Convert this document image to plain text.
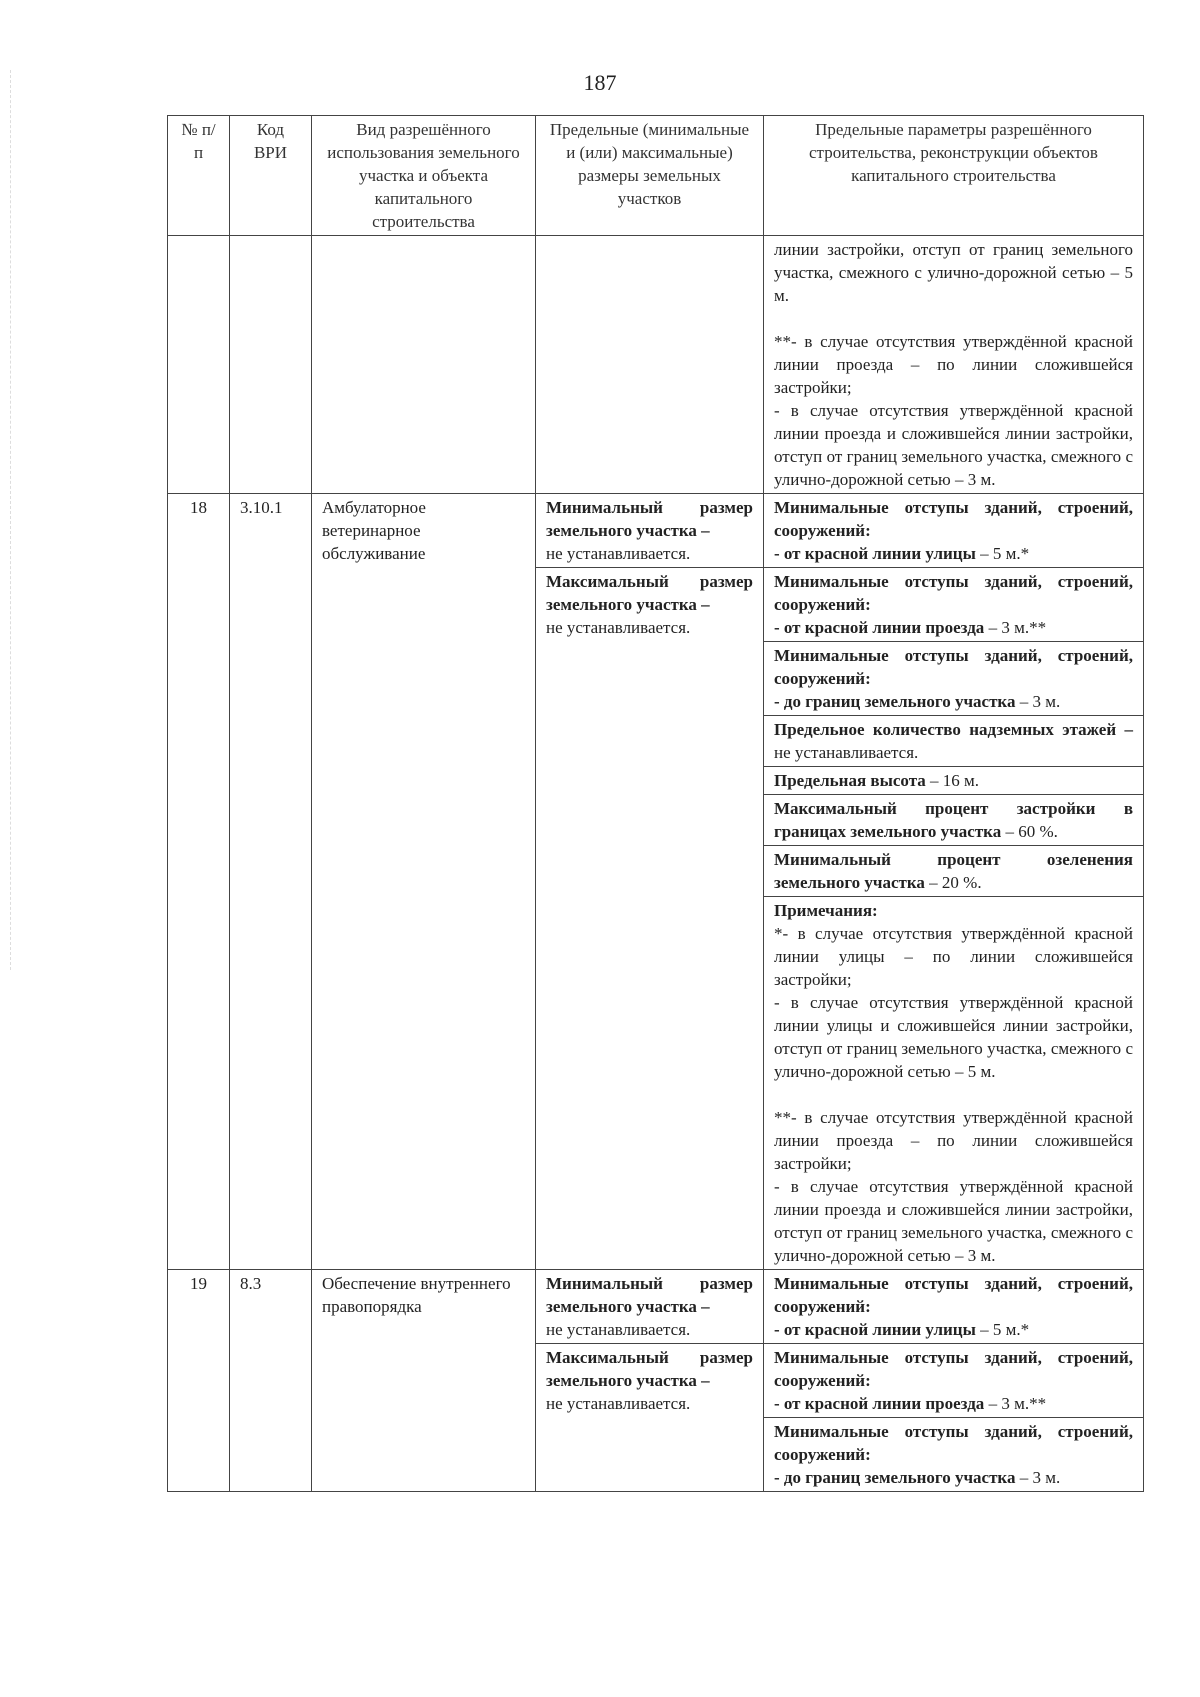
187
№ п/п	Код ВРИ	Вид разрешённого использования земельного участка и объекта капитального строительства	Предельные (минимальные и (или) максимальные) размеры земельных участков	Предельные параметры разрешённого строительства, реконструкции объектов капитального строительства

				линии застройки, отступ от границ земельного участка, смежного с улично-дорожной сетью – 5 м.
**- в случае отсутствия утверждённой красной линии проезда – по линии сложившейся застройки;
- в случае отсутствия утверждённой красной линии проезда и сложившейся линии застройки, отступ от границ земельного участка, смежного с улично-дорожной сетью – 3 м.

18	3.10.1	Амбулаторное ветеринарное обслуживание	Минимальный размер земельного участка –
не устанавливается.	Минимальные отступы зданий, строений, сооружений:
- от красной линии улицы – 5 м.*
			Максимальный размер земельного участка –
не устанавливается.	Минимальные отступы зданий, строений, сооружений:
- от красной линии проезда – 3 м.**
				Минимальные отступы зданий, строений, сооружений:
- до границ земельного участка – 3 м.
				Предельное количество надземных этажей – не устанавливается.
				Предельная высота – 16 м.
				Максимальный процент застройки в границах земельного участка – 60 %.
				Минимальный процент озеленения земельного участка – 20 %.

				Примечания:
*- в случае отсутствия утверждённой красной линии улицы – по линии сложившейся застройки;
- в случае отсутствия утверждённой красной линии улицы и сложившейся линии застройки, отступ от границ земельного участка, смежного с улично-дорожной сетью – 5 м.
**- в случае отсутствия утверждённой красной линии проезда – по линии сложившейся застройки;
- в случае отсутствия утверждённой красной линии проезда и сложившейся линии застройки, отступ от границ земельного участка, смежного с улично-дорожной сетью – 3 м.

19	8.3	Обеспечение внутреннего правопорядка	Минимальный размер земельного участка –
не устанавливается.	Минимальные отступы зданий, строений, сооружений:
- от красной линии улицы – 5 м.*
			Максимальный размер земельного участка –
не устанавливается.	Минимальные отступы зданий, строений, сооружений:
- от красной линии проезда – 3 м.**
				Минимальные отступы зданий, строений, сооружений:
- до границ земельного участка – 3 м.
